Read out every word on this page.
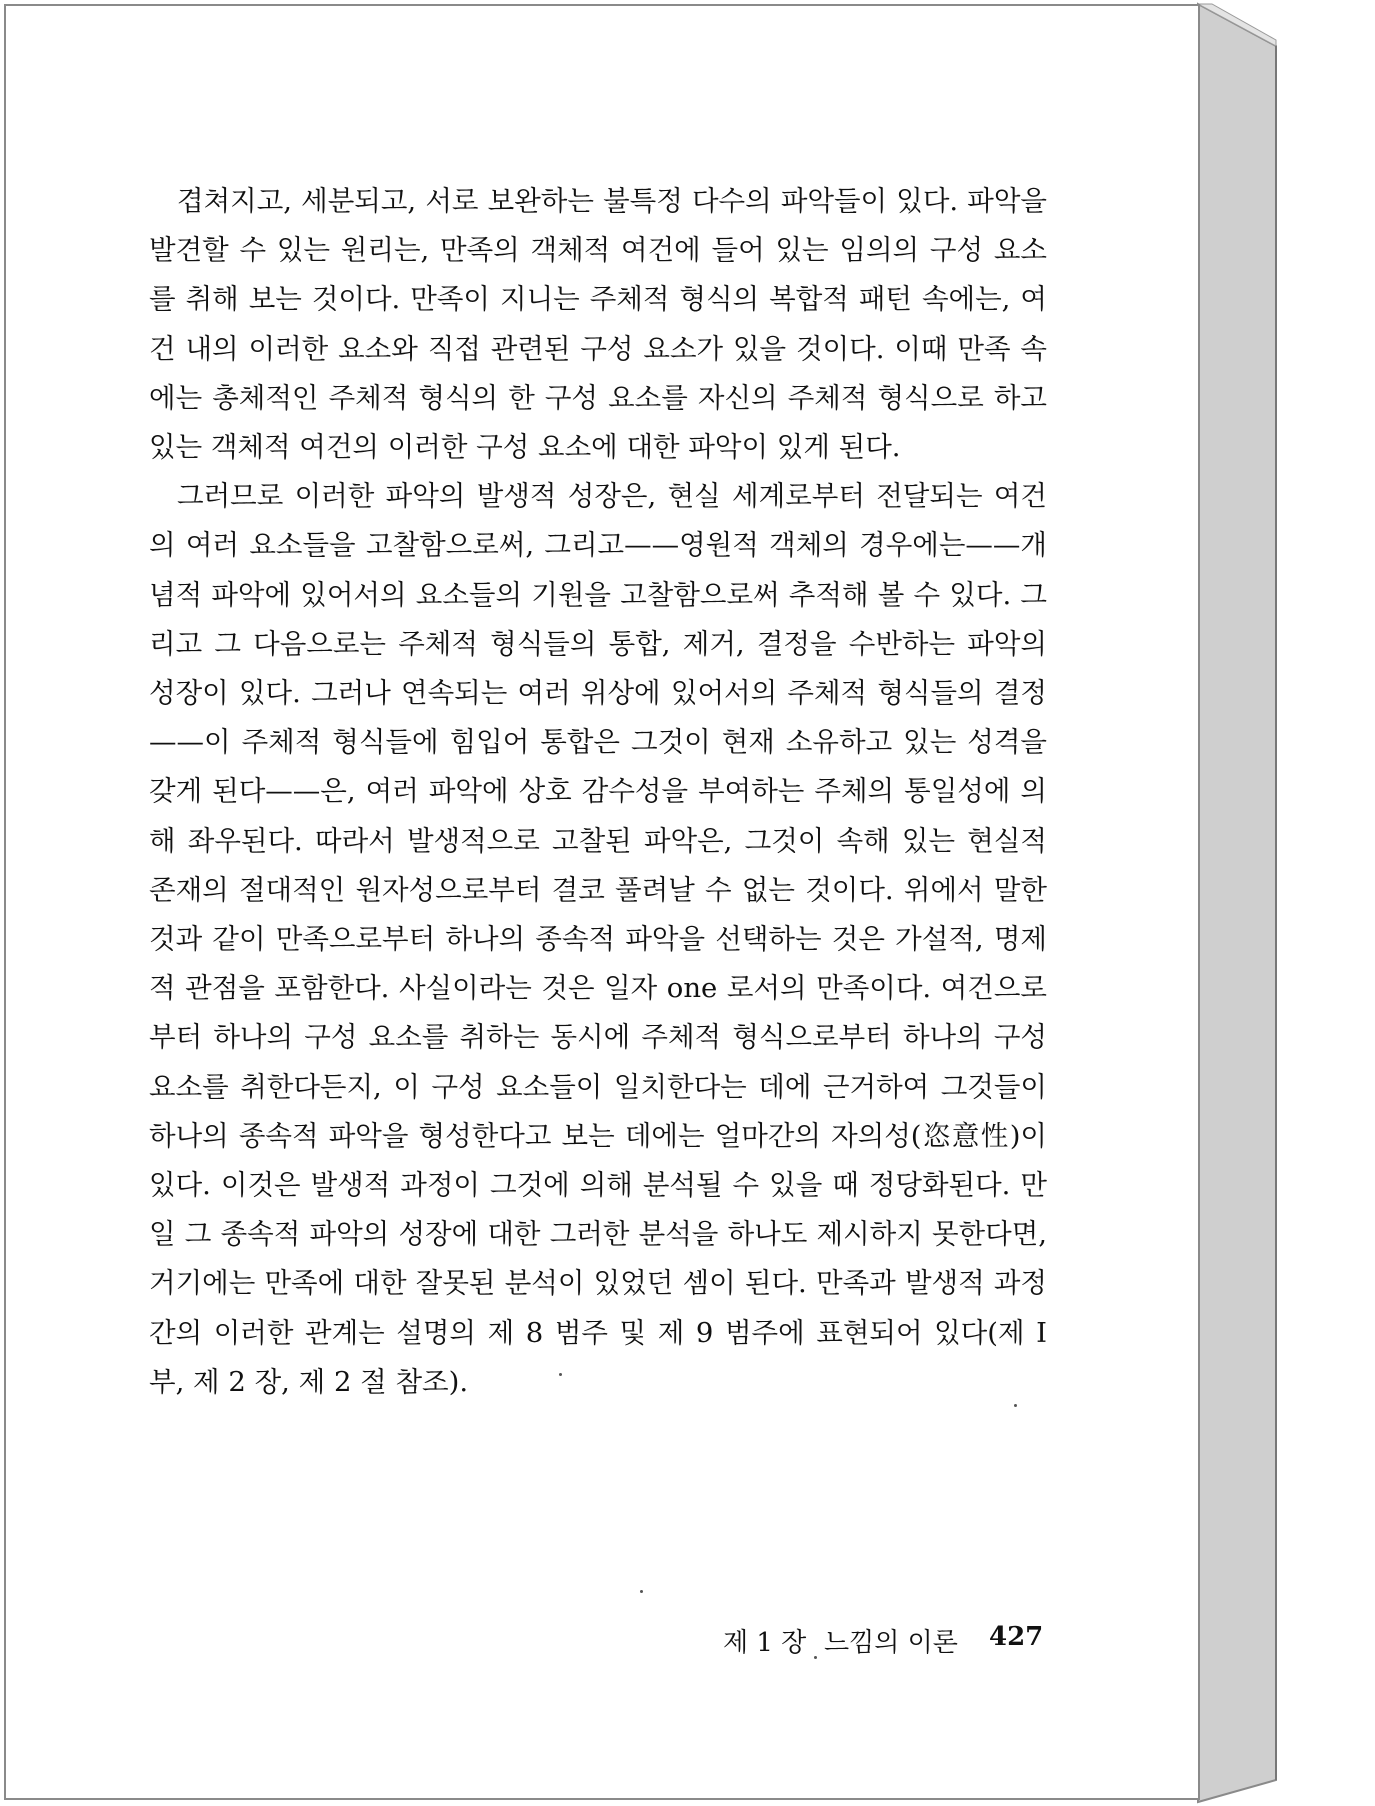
겹쳐지고, 세분되고, 서로 보완하는 불특정 다수의 파악들이 있다. 파악을 발견할 수 있는 원리는, 만족의 객체적 여건에 들어 있는 임의의 구성 요소를 취해 보는 것이다. 만족이 지니는 주체적 형식의 복합적 패턴 속에는, 여건 내의 이러한 요소와 직접 관련된 구성 요소가 있을 것이다. 이때 만족 속에는 총체적인 주체적 형식의 한 구성 요소를 자신의 주체적 형식으로 하고 있는 객체적 여건의 이러한 구성 요소에 대한 파악이 있게 된다.

그러므로 이러한 파악의 발생적 성장은, 현실 세계로부터 전달되는 여건의 여러 요소들을 고찰함으로써, 그리고——영원적 객체의 경우에는——개념적 파악에 있어서의 요소들의 기원을 고찰함으로써 추적해 볼 수 있다. 그리고 그 다음으로는 주체적 형식들의 통합, 제거, 결정을 수반하는 파악의 성장이 있다. 그러나 연속되는 여러 위상에 있어서의 주체적 형식들의 결정——이 주체적 형식들에 힘입어 통합은 그것이 현재 소유하고 있는 성격을 갖게 된다——은, 여러 파악에 상호 감수성을 부여하는 주체의 통일성에 의해 좌우된다. 따라서 발생적으로 고찰된 파악은, 그것이 속해 있는 현실적 존재의 절대적인 원자성으로부터 결코 풀려날 수 없는 것이다. 위에서 말한 것과 같이 만족으로부터 하나의 종속적 파악을 선택하는 것은 가설적, 명제적 관점을 포함한다. 사실이라는 것은 일자 one 로서의 만족이다. 여건으로부터 하나의 구성 요소를 취하는 동시에 주체적 형식으로부터 하나의 구성 요소를 취한다든지, 이 구성 요소들이 일치한다는 데에 근거하여 그것들이 하나의 종속적 파악을 형성한다고 보는 데에는 얼마간의 자의성(恣意性)이 있다. 이것은 발생적 과정이 그것에 의해 분석될 수 있을 때 정당화된다. 만일 그 종속적 파악의 성장에 대한 그러한 분석을 하나도 제시하지 못한다면, 거기에는 만족에 대한 잘못된 분석이 있었던 셈이 된다. 만족과 발생적 과정간의 이러한 관계는 설명의 제 8 범주 및 제 9 범주에 표현되어 있다(제 I 부, 제 2 장, 제 2 절 참조).

제 1 장 느낌의 이론 427
